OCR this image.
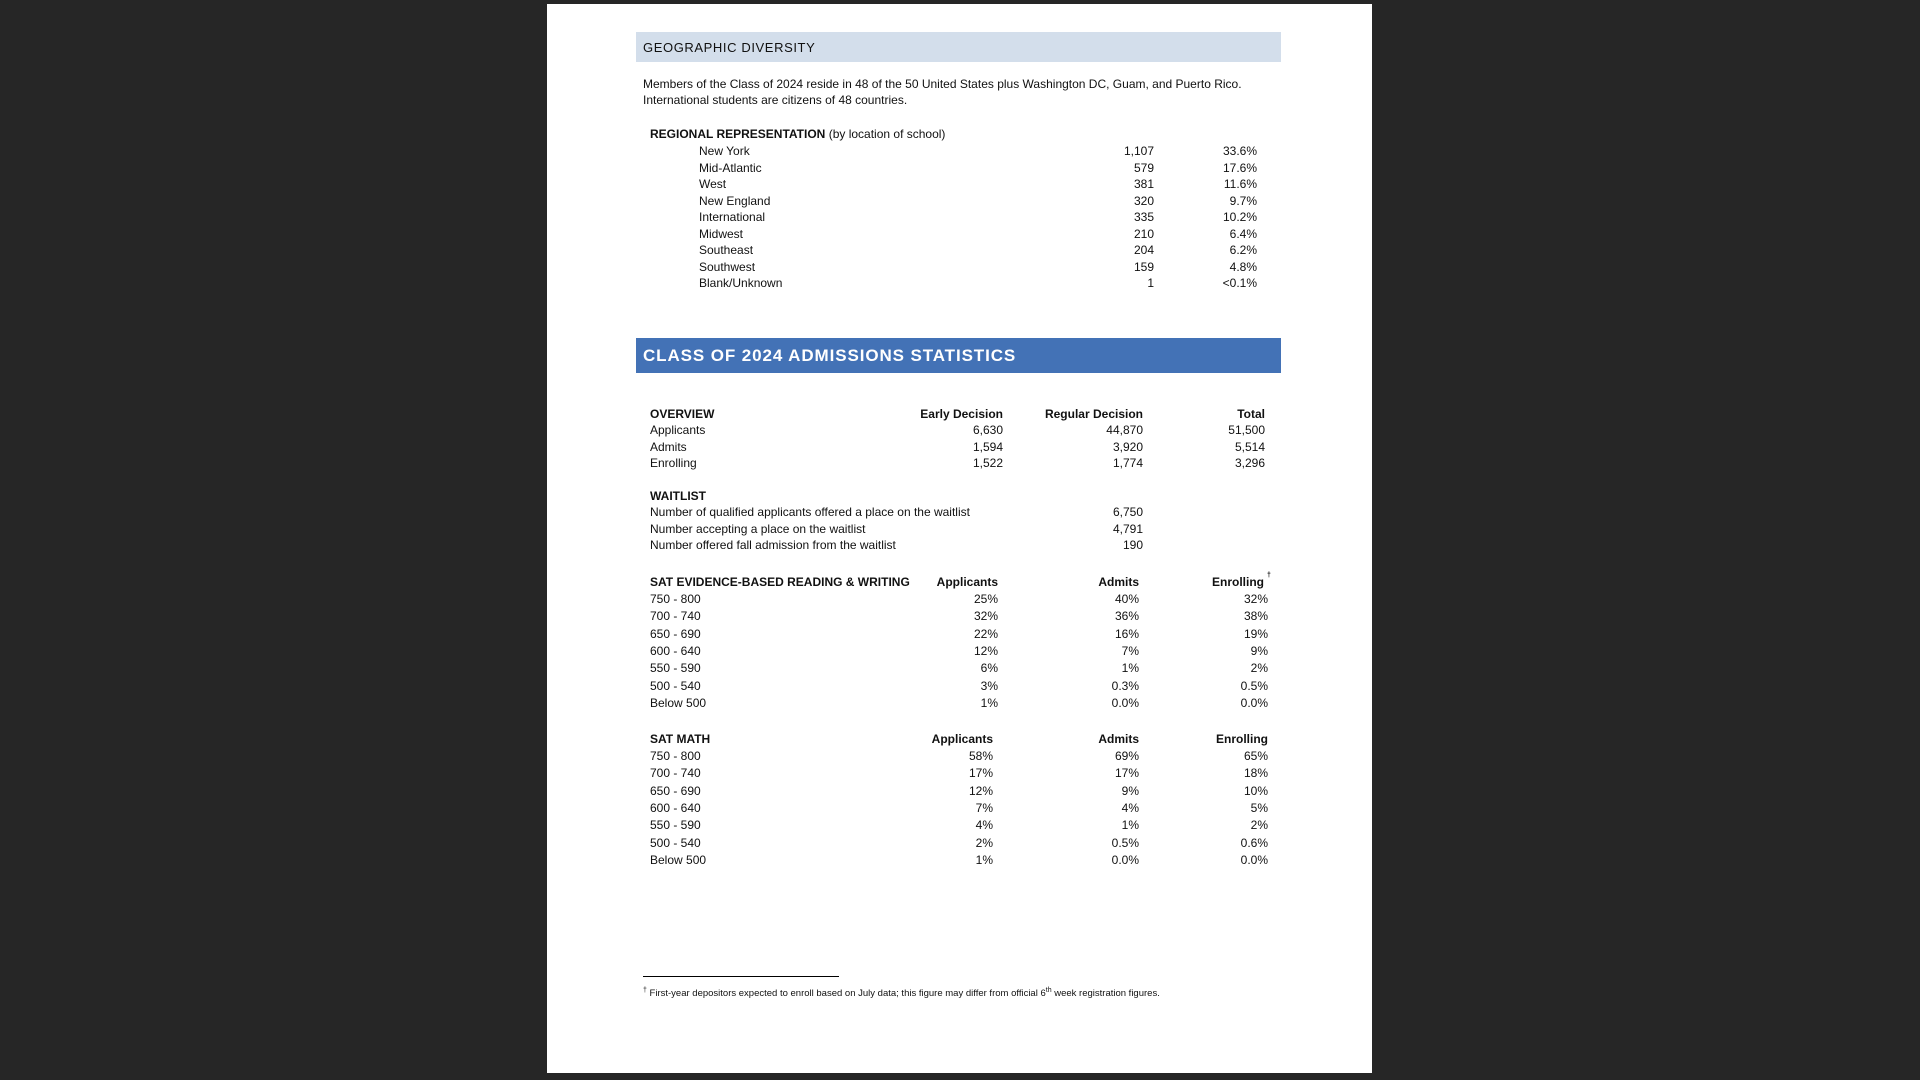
GEOGRAPHIC DIVERSITY
Members of the Class of 2024 reside in 48 of the 50 United States plus Washington DC, Guam, and Puerto Rico.
International students are citizens of 48 countries.
REGIONAL REPRESENTATION (by location of school)
New York	1,107	33.6%
Mid-Atlantic	579	17.6%
West	381	11.6%
New England	320	9.7%
International	335	10.2%
Midwest	210	6.4%
Southeast	204	6.2%
Southwest	159	4.8%
Blank/Unknown	1	<0.1%
CLASS OF 2024 ADMISSIONS STATISTICS
OVERVIEW	Early Decision	Regular Decision	Total
Applicants	6,630	44,870	51,500
Admits	1,594	3,920	5,514
Enrolling	1,522	1,774	3,296
WAITLIST
Number of qualified applicants offered a place on the waitlist	6,750
Number accepting a place on the waitlist	4,791
Number offered fall admission from the waitlist	190
SAT EVIDENCE-BASED READING & WRITING Applicants	Admits	Enrolling †
750 - 800	25%	40%	32%
700 - 740	32%	36%	38%
650 - 690	22%	16%	19%
600 - 640	12%	7%	9%
550 - 590	6%	1%	2%
500 - 540	3%	0.3%	0.5%
Below 500	1%	0.0%	0.0%
SAT MATH	Applicants	Admits	Enrolling
750 - 800	58%	69%	65%
700 - 740	17%	17%	18%
650 - 690	12%	9%	10%
600 - 640	7%	4%	5%
550 - 590	4%	1%	2%
500 - 540	2%	0.5%	0.6%
Below 500	1%	0.0%	0.0%
† First-year depositors expected to enroll based on July data; this figure may differ from official 6th week registration figures.
